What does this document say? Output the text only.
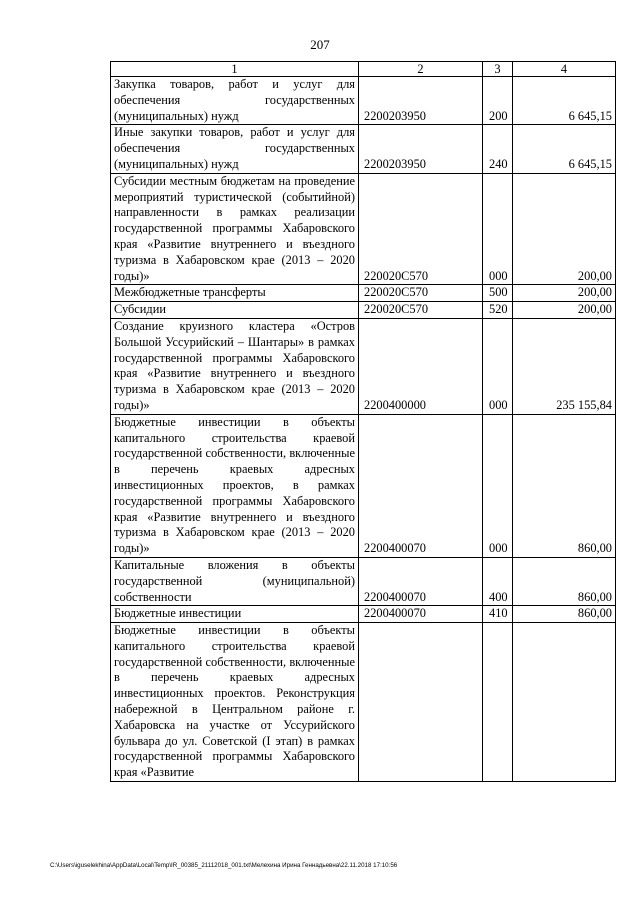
207
1	2	3	4
Закупка товаров, работ и услуг для обеспечения государственных (муниципальных) нужд	2200203950	200	6 645,15
Иные закупки товаров, работ и услуг для обеспечения государственных (муниципальных) нужд	2200203950	240	6 645,15
Субсидии местным бюджетам на проведение мероприятий туристической (событийной) направленности в рамках реализации государственной программы Хабаровского края «Развитие внутреннего и въездного туризма в Хабаровском крае (2013 – 2020 годы)»	220020С570	000	200,00
Межбюджетные трансферты	220020С570	500	200,00
Субсидии	220020С570	520	200,00
Создание круизного кластера «Остров Большой Уссурийский – Шантары» в рамках государственной программы Хабаровского края «Развитие внутреннего и въездного туризма в Хабаровском крае (2013 – 2020 годы)»	2200400000	000	235 155,84
Бюджетные инвестиции в объекты капитального строительства краевой государственной собственности, включенные в перечень краевых адресных инвестиционных проектов, в рамках государственной программы Хабаровского края «Развитие внутреннего и въездного туризма в Хабаровском крае (2013 – 2020 годы)»	2200400070	000	860,00
Капитальные вложения в объекты государственной (муниципальной) собственности	2200400070	400	860,00
Бюджетные инвестиции	2200400070	410	860,00
Бюджетные инвестиции в объекты капитального строительства краевой государственной собственности, включенные в перечень краевых адресных инвестиционных проектов. Реконструкция набережной в Центральном районе г. Хабаровска на участке от Уссурийского бульвара до ул. Советской (I этап) в рамках государственной программы Хабаровского края «Развитие			
C:\Users\iguselekhina\AppData\Local\Temp\IR_00385_21112018_001.txt\Мелехина Ирина Геннадьевна\22.11.2018 17:10:56
